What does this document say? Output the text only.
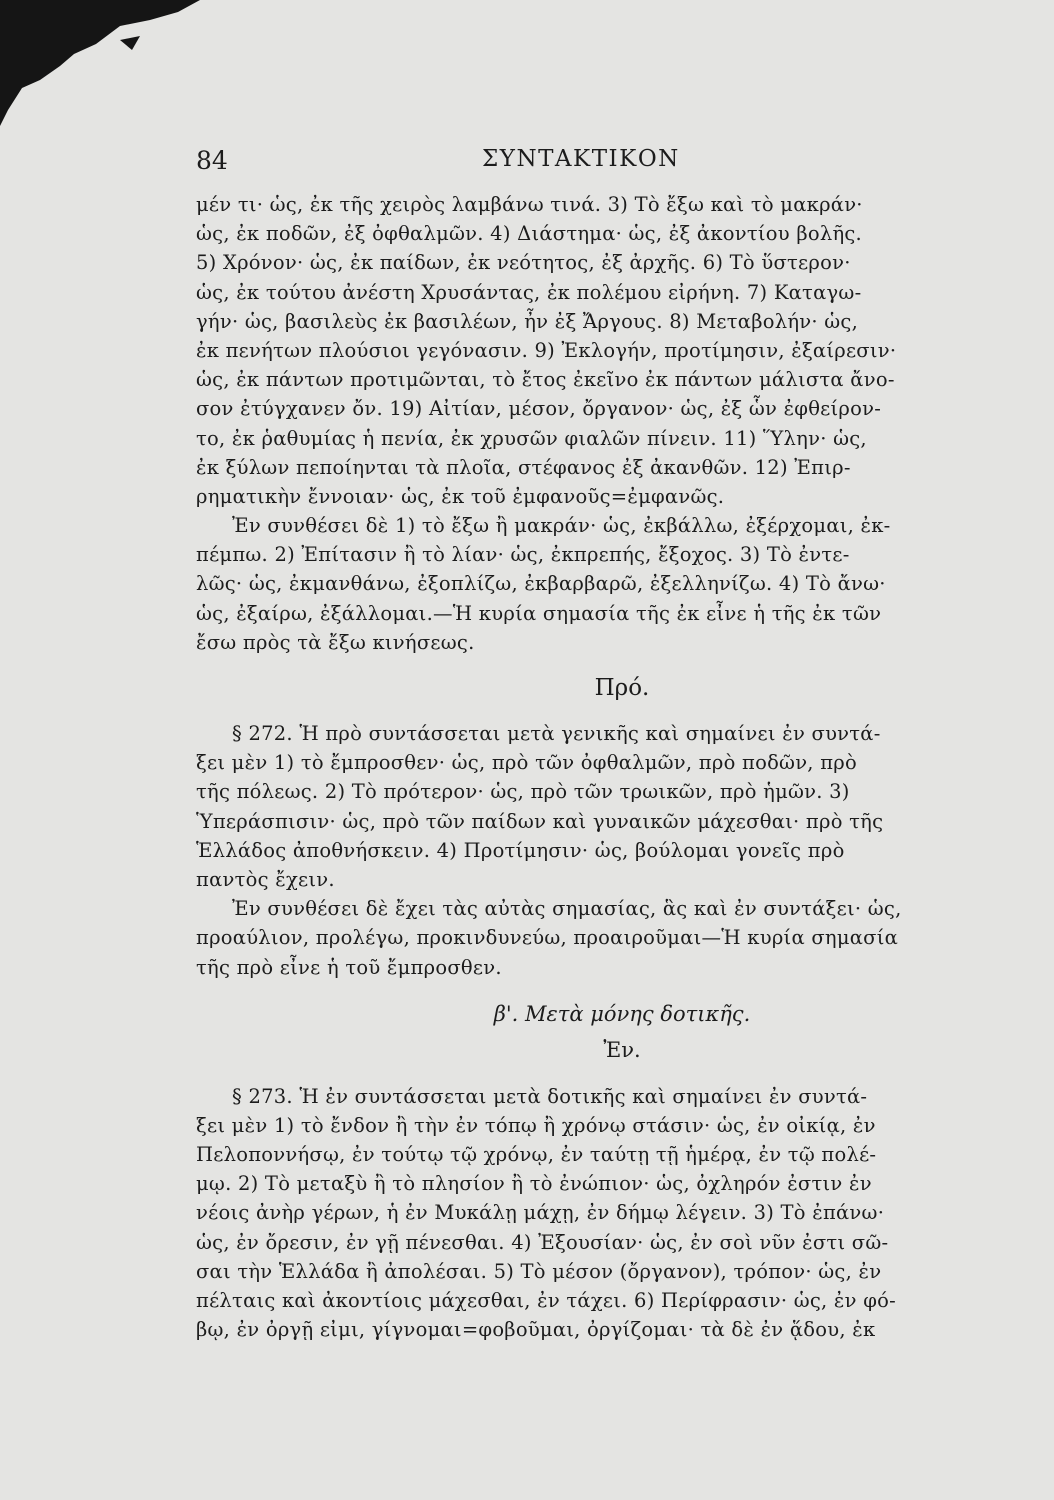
84	ΣΥΝΤΑΚΤΙΚΟΝ
μέν τι· ὡς, ἐκ τῆς χειρὸς λαμβάνω τινά. 3) Τὸ ἔξω καὶ τὸ μακράν·
ὡς, ἐκ ποδῶν, ἐξ ὀφθαλμῶν. 4) Διάστημα· ὡς, ἐξ ἀκοντίου βολῆς.
5) Χρόνον· ὡς, ἐκ παίδων, ἐκ νεότητος, ἐξ ἀρχῆς. 6) Τὸ ὕστερον·
ὡς, ἐκ τούτου ἀνέστη Χρυσάντας, ἐκ πολέμου εἰρήνη. 7) Καταγω-
γήν· ὡς, βασιλεὺς ἐκ βασιλέων, ἦν ἐξ Ἄργους. 8) Μεταβολήν· ὡς,
ἐκ πενήτων πλούσιοι γεγόνασιν. 9) Ἐκλογήν, προτίμησιν, ἐξαίρεσιν·
ὡς, ἐκ πάντων προτιμῶνται, τὸ ἔτος ἐκεῖνο ἐκ πάντων μάλιστα ἄνο-
σον ἐτύγχανεν ὄν. 19) Αἰτίαν, μέσον, ὄργανον· ὡς, ἐξ ὧν ἐφθείρον-
το, ἐκ ῥαθυμίας ἡ πενία, ἐκ χρυσῶν φιαλῶν πίνειν. 11) Ὕλην· ὡς,
ἐκ ξύλων πεποίηνται τὰ πλοῖα, στέφανος ἐξ ἀκανθῶν. 12) Ἐπιρ-
ρηματικὴν ἔννοιαν· ὡς, ἐκ τοῦ ἐμφανοῦς=ἐμφανῶς.
Ἐν συνθέσει δὲ 1) τὸ ἔξω ἢ μακράν· ὡς, ἐκβάλλω, ἐξέρχομαι, ἐκ-
πέμπω. 2) Ἐπίτασιν ἢ τὸ λίαν· ὡς, ἐκπρεπής, ἔξοχος. 3) Τὸ ἐντε-
λῶς· ὡς, ἐκμανθάνω, ἐξοπλίζω, ἐκβαρβαρῶ, ἐξελληνίζω. 4) Τὸ ἄνω·
ὡς, ἐξαίρω, ἐξάλλομαι.—Ἡ κυρία σημασία τῆς ἐκ εἶνε ἡ τῆς ἐκ τῶν
ἔσω πρὸς τὰ ἔξω κινήσεως.
Πρό.
§ 272. Ἡ πρὸ συντάσσεται μετὰ γενικῆς καὶ σημαίνει ἐν συντά-
ξει μὲν 1) τὸ ἔμπροσθεν· ὡς, πρὸ τῶν ὀφθαλμῶν, πρὸ ποδῶν, πρὸ
τῆς πόλεως. 2) Τὸ πρότερον· ὡς, πρὸ τῶν τρωικῶν, πρὸ ἡμῶν. 3)
Ὑπεράσπισιν· ὡς, πρὸ τῶν παίδων καὶ γυναικῶν μάχεσθαι· πρὸ τῆς
Ἑλλάδος ἀποθνήσκειν. 4) Προτίμησιν· ὡς, βούλομαι γονεῖς πρὸ
παντὸς ἔχειν.
Ἐν συνθέσει δὲ ἔχει τὰς αὐτὰς σημασίας, ἃς καὶ ἐν συντάξει· ὡς,
προαύλιον, προλέγω, προκινδυνεύω, προαιροῦμαι—Ἡ κυρία σημασία
τῆς πρὸ εἶνε ἡ τοῦ ἔμπροσθεν.
β'. Μετὰ μόνης δοτικῆς.
Ἐν.
§ 273. Ἡ ἐν συντάσσεται μετὰ δοτικῆς καὶ σημαίνει ἐν συντά-
ξει μὲν 1) τὸ ἔνδον ἢ τὴν ἐν τόπῳ ἢ χρόνῳ στάσιν· ὡς, ἐν οἰκίᾳ, ἐν
Πελοποννήσῳ, ἐν τούτῳ τῷ χρόνῳ, ἐν ταύτῃ τῇ ἡμέρᾳ, ἐν τῷ πολέ-
μῳ. 2) Τὸ μεταξὺ ἢ τὸ πλησίον ἢ τὸ ἐνώπιον· ὡς, ὀχληρόν ἐστιν ἐν
νέοις ἀνὴρ γέρων, ἡ ἐν Μυκάλῃ μάχῃ, ἐν δήμῳ λέγειν. 3) Τὸ ἐπάνω·
ὡς, ἐν ὄρεσιν, ἐν γῇ πένεσθαι. 4) Ἐξουσίαν· ὡς, ἐν σοὶ νῦν ἐστι σῶ-
σαι τὴν Ἑλλάδα ἢ ἀπολέσαι. 5) Τὸ μέσον (ὄργανον), τρόπον· ὡς, ἐν
πέλταις καὶ ἀκοντίοις μάχεσθαι, ἐν τάχει. 6) Περίφρασιν· ὡς, ἐν φό-
βῳ, ἐν ὀργῇ εἰμι, γίγνομαι=φοβοῦμαι, ὀργίζομαι· τὰ δὲ ἐν ᾅδου, ἐκ
